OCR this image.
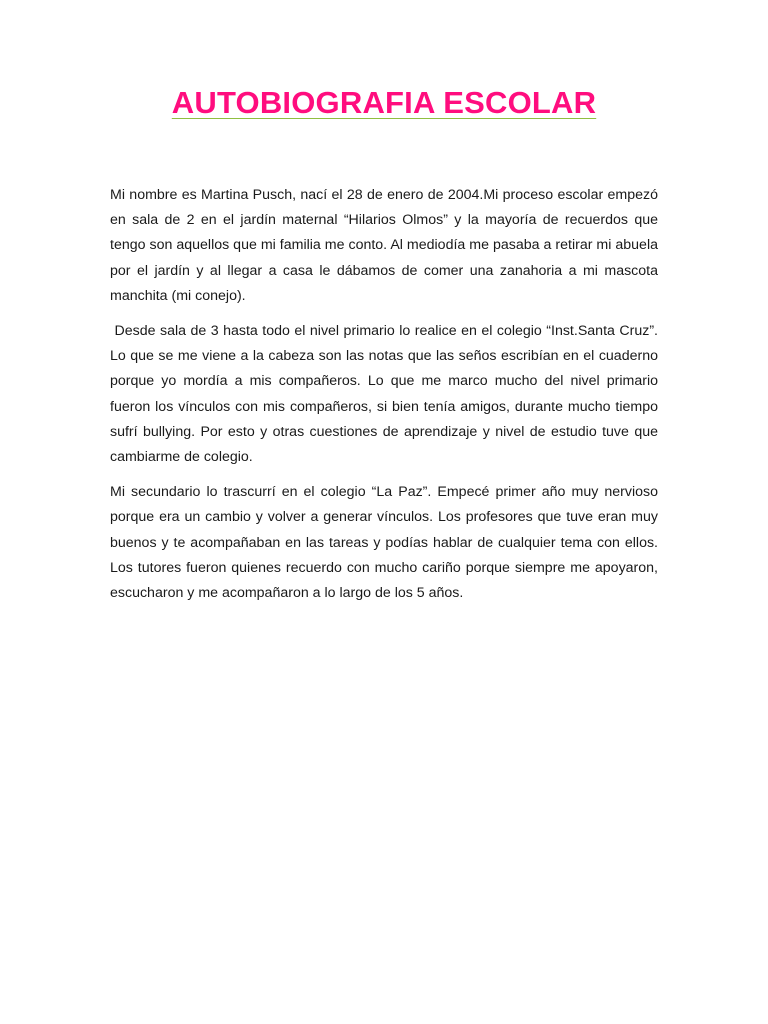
AUTOBIOGRAFIA ESCOLAR

Mi nombre es Martina Pusch, nací el 28 de enero de 2004.Mi proceso escolar empezó en sala de 2 en el jardín maternal “Hilarios Olmos” y la mayoría de recuerdos que tengo son aquellos que mi familia me conto. Al mediodía me pasaba a retirar mi abuela por el jardín y al llegar a casa le dábamos de comer una zanahoria a mi mascota manchita (mi conejo).

Desde sala de 3 hasta todo el nivel primario lo realice en el colegio “Inst.Santa Cruz”. Lo que se me viene a la cabeza son las notas que las seños escribían en el cuaderno porque yo mordía a mis compañeros. Lo que me marco mucho del nivel primario fueron los vínculos con mis compañeros, si bien tenía amigos, durante mucho tiempo sufrí bullying. Por esto y otras cuestiones de aprendizaje y nivel de estudio tuve que cambiarme de colegio.

Mi secundario lo trascurrí en el colegio “La Paz”. Empecé primer año muy nervioso porque era un cambio y volver a generar vínculos. Los profesores que tuve eran muy buenos y te acompañaban en las tareas y podías hablar de cualquier tema con ellos. Los tutores fueron quienes recuerdo con mucho cariño porque siempre me apoyaron, escucharon y me acompañaron a lo largo de los 5 años.
